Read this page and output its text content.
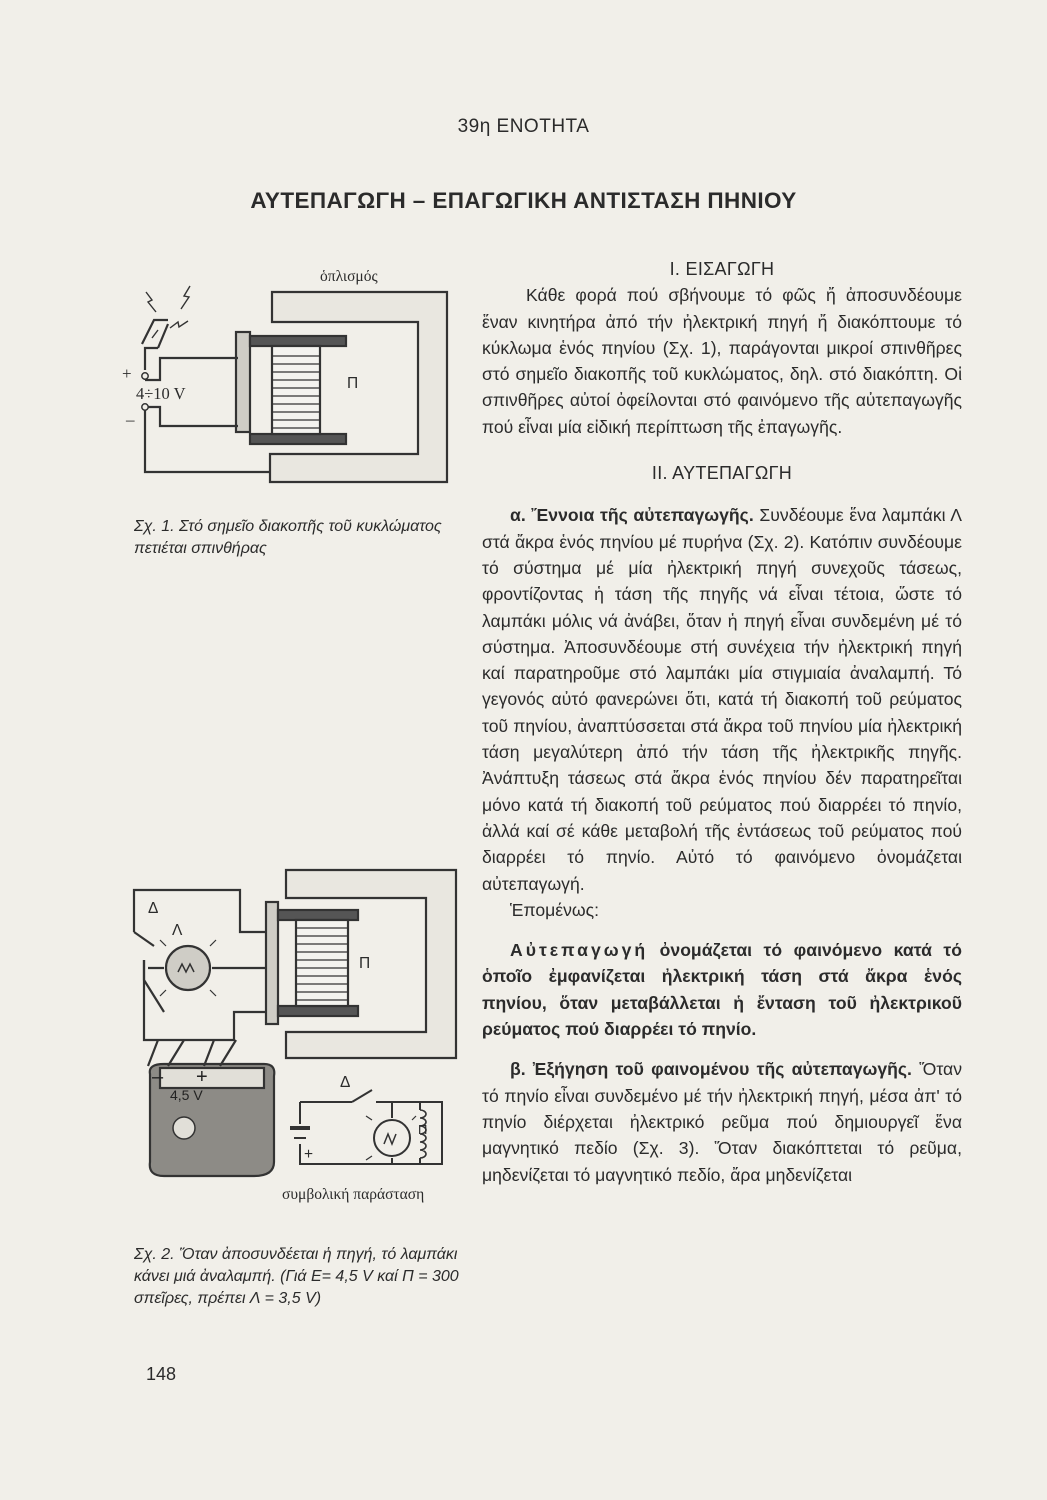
39η ΕΝΟΤΗΤΑ
ΑΥΤΕΠΑΓΩΓΗ – ΕΠΑΓΩΓΙΚΗ ΑΝΤΙΣΤΑΣΗ ΠΗΝΙΟΥ
ὁπλισμός
+
4÷10 V
–
Π
Σχ. 1. Στό σημεῖο διακοπῆς τοῦ κυκλώματος πετιέται σπινθήρας
Δ
Λ
Π
– +
4,5 V
Δ
Π
+
συμβολική παράσταση
Σχ. 2. Ὅταν ἀποσυνδέεται ἡ πηγή, τό λαμπάκι κάνει μιά ἀναλαμπή. (Γιά E= 4,5 V καί Π = 300 σπεῖρες, πρέπει Λ = 3,5 V)

Ι. ΕΙΣΑΓΩΓΗ

Κάθε φορά πού σβήνουμε τό φῶς ἤ ἀποσυνδέουμε ἕναν κινητήρα ἀπό τήν ἠλεκτρική πηγή ἤ διακόπτουμε τό κύκλωμα ἑνός πηνίου (Σχ. 1), παράγονται μικροί σπινθῆρες στό σημεῖο διακοπῆς τοῦ κυκλώματος, δηλ. στό διακόπτη. Οἱ σπινθῆρες αὐτοί ὀφείλονται στό φαινόμενο τῆς αὐτεπαγωγῆς πού εἶναι μία εἰδική περίπτωση τῆς ἐπαγωγῆς.

ΙΙ. ΑΥΤΕΠΑΓΩΓΗ

α. Ἔννοια τῆς αὐτεπαγωγῆς. Συνδέουμε ἕνα λαμπάκι Λ στά ἄκρα ἑνός πηνίου μέ πυρήνα (Σχ. 2). Κατόπιν συνδέουμε τό σύστημα μέ μία ἠλεκτρική πηγή συνεχοῦς τάσεως, φροντίζοντας ἡ τάση τῆς πηγῆς νά εἶναι τέτοια, ὥστε τό λαμπάκι μόλις νά ἀνάβει, ὅταν ἡ πηγή εἶναι συνδεμένη μέ τό σύστημα. Ἀποσυνδέουμε στή συνέχεια τήν ἠλεκτρική πηγή καί παρατηροῦμε στό λαμπάκι μία στιγμιαία ἀναλαμπή. Τό γεγονός αὐτό φανερώνει ὅτι, κατά τή διακοπή τοῦ ρεύματος τοῦ πηνίου, ἀναπτύσσεται στά ἄκρα τοῦ πηνίου μία ἠλεκτρική τάση μεγαλύτερη ἀπό τήν τάση τῆς ἠλεκτρικῆς πηγῆς. Ἀνάπτυξη τάσεως στά ἄκρα ἑνός πηνίου δέν παρατηρεῖται μόνο κατά τή διακοπή τοῦ ρεύματος πού διαρρέει τό πηνίο, ἀλλά καί σέ κάθε μεταβολή τῆς ἐντάσεως τοῦ ρεύματος πού διαρρέει τό πηνίο. Αὐτό τό φαινόμενο ὀνομάζεται αὐτεπαγωγή.

Ἑπομένως:

Αὐτεπαγωγή ὀνομάζεται τό φαινόμενο κατά τό ὁποῖο ἐμφανίζεται ἠλεκτρική τάση στά ἄκρα ἑνός πηνίου, ὅταν μεταβάλλεται ἡ ἔνταση τοῦ ἠλεκτρικοῦ ρεύματος πού διαρρέει τό πηνίο.

β. Ἐξήγηση τοῦ φαινομένου τῆς αὐτεπαγωγῆς. Ὅταν τό πηνίο εἶναι συνδεμένο μέ τήν ἠλεκτρική πηγή, μέσα ἀπ' τό πηνίο διέρχεται ἠλεκτρικό ρεῦμα πού δημιουργεῖ ἕνα μαγνητικό πεδίο (Σχ. 3). Ὅταν διακόπτεται τό ρεῦμα, μηδενίζεται τό μαγνητικό πεδίο, ἄρα μηδενίζεται

148
